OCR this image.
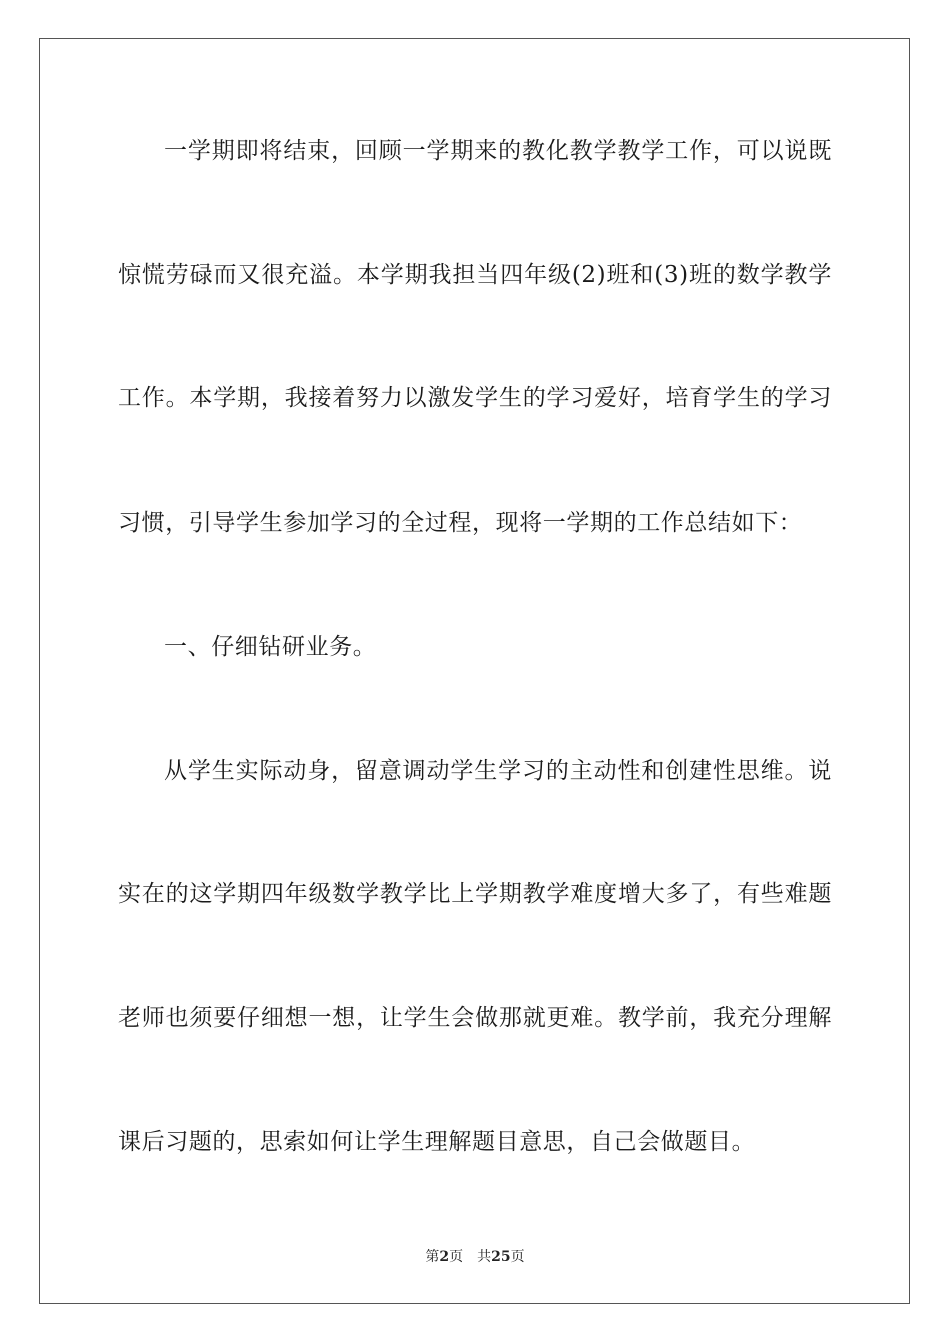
一学期即将结束，回顾一学期来的教化教学教学工作，可以说既
惊慌劳碌而又很充溢。本学期我担当四年级(2)班和(3)班的数学教学
工作。本学期，我接着努力以激发学生的学习爱好，培育学生的学习
习惯，引导学生参加学习的全过程，现将一学期的工作总结如下：
一、仔细钻研业务。
从学生实际动身，留意调动学生学习的主动性和创建性思维。说
实在的这学期四年级数学教学比上学期教学难度增大多了，有些难题
老师也须要仔细想一想，让学生会做那就更难。教学前，我充分理解
课后习题的，思索如何让学生理解题目意思，自己会做题目。
第2页 共25页
